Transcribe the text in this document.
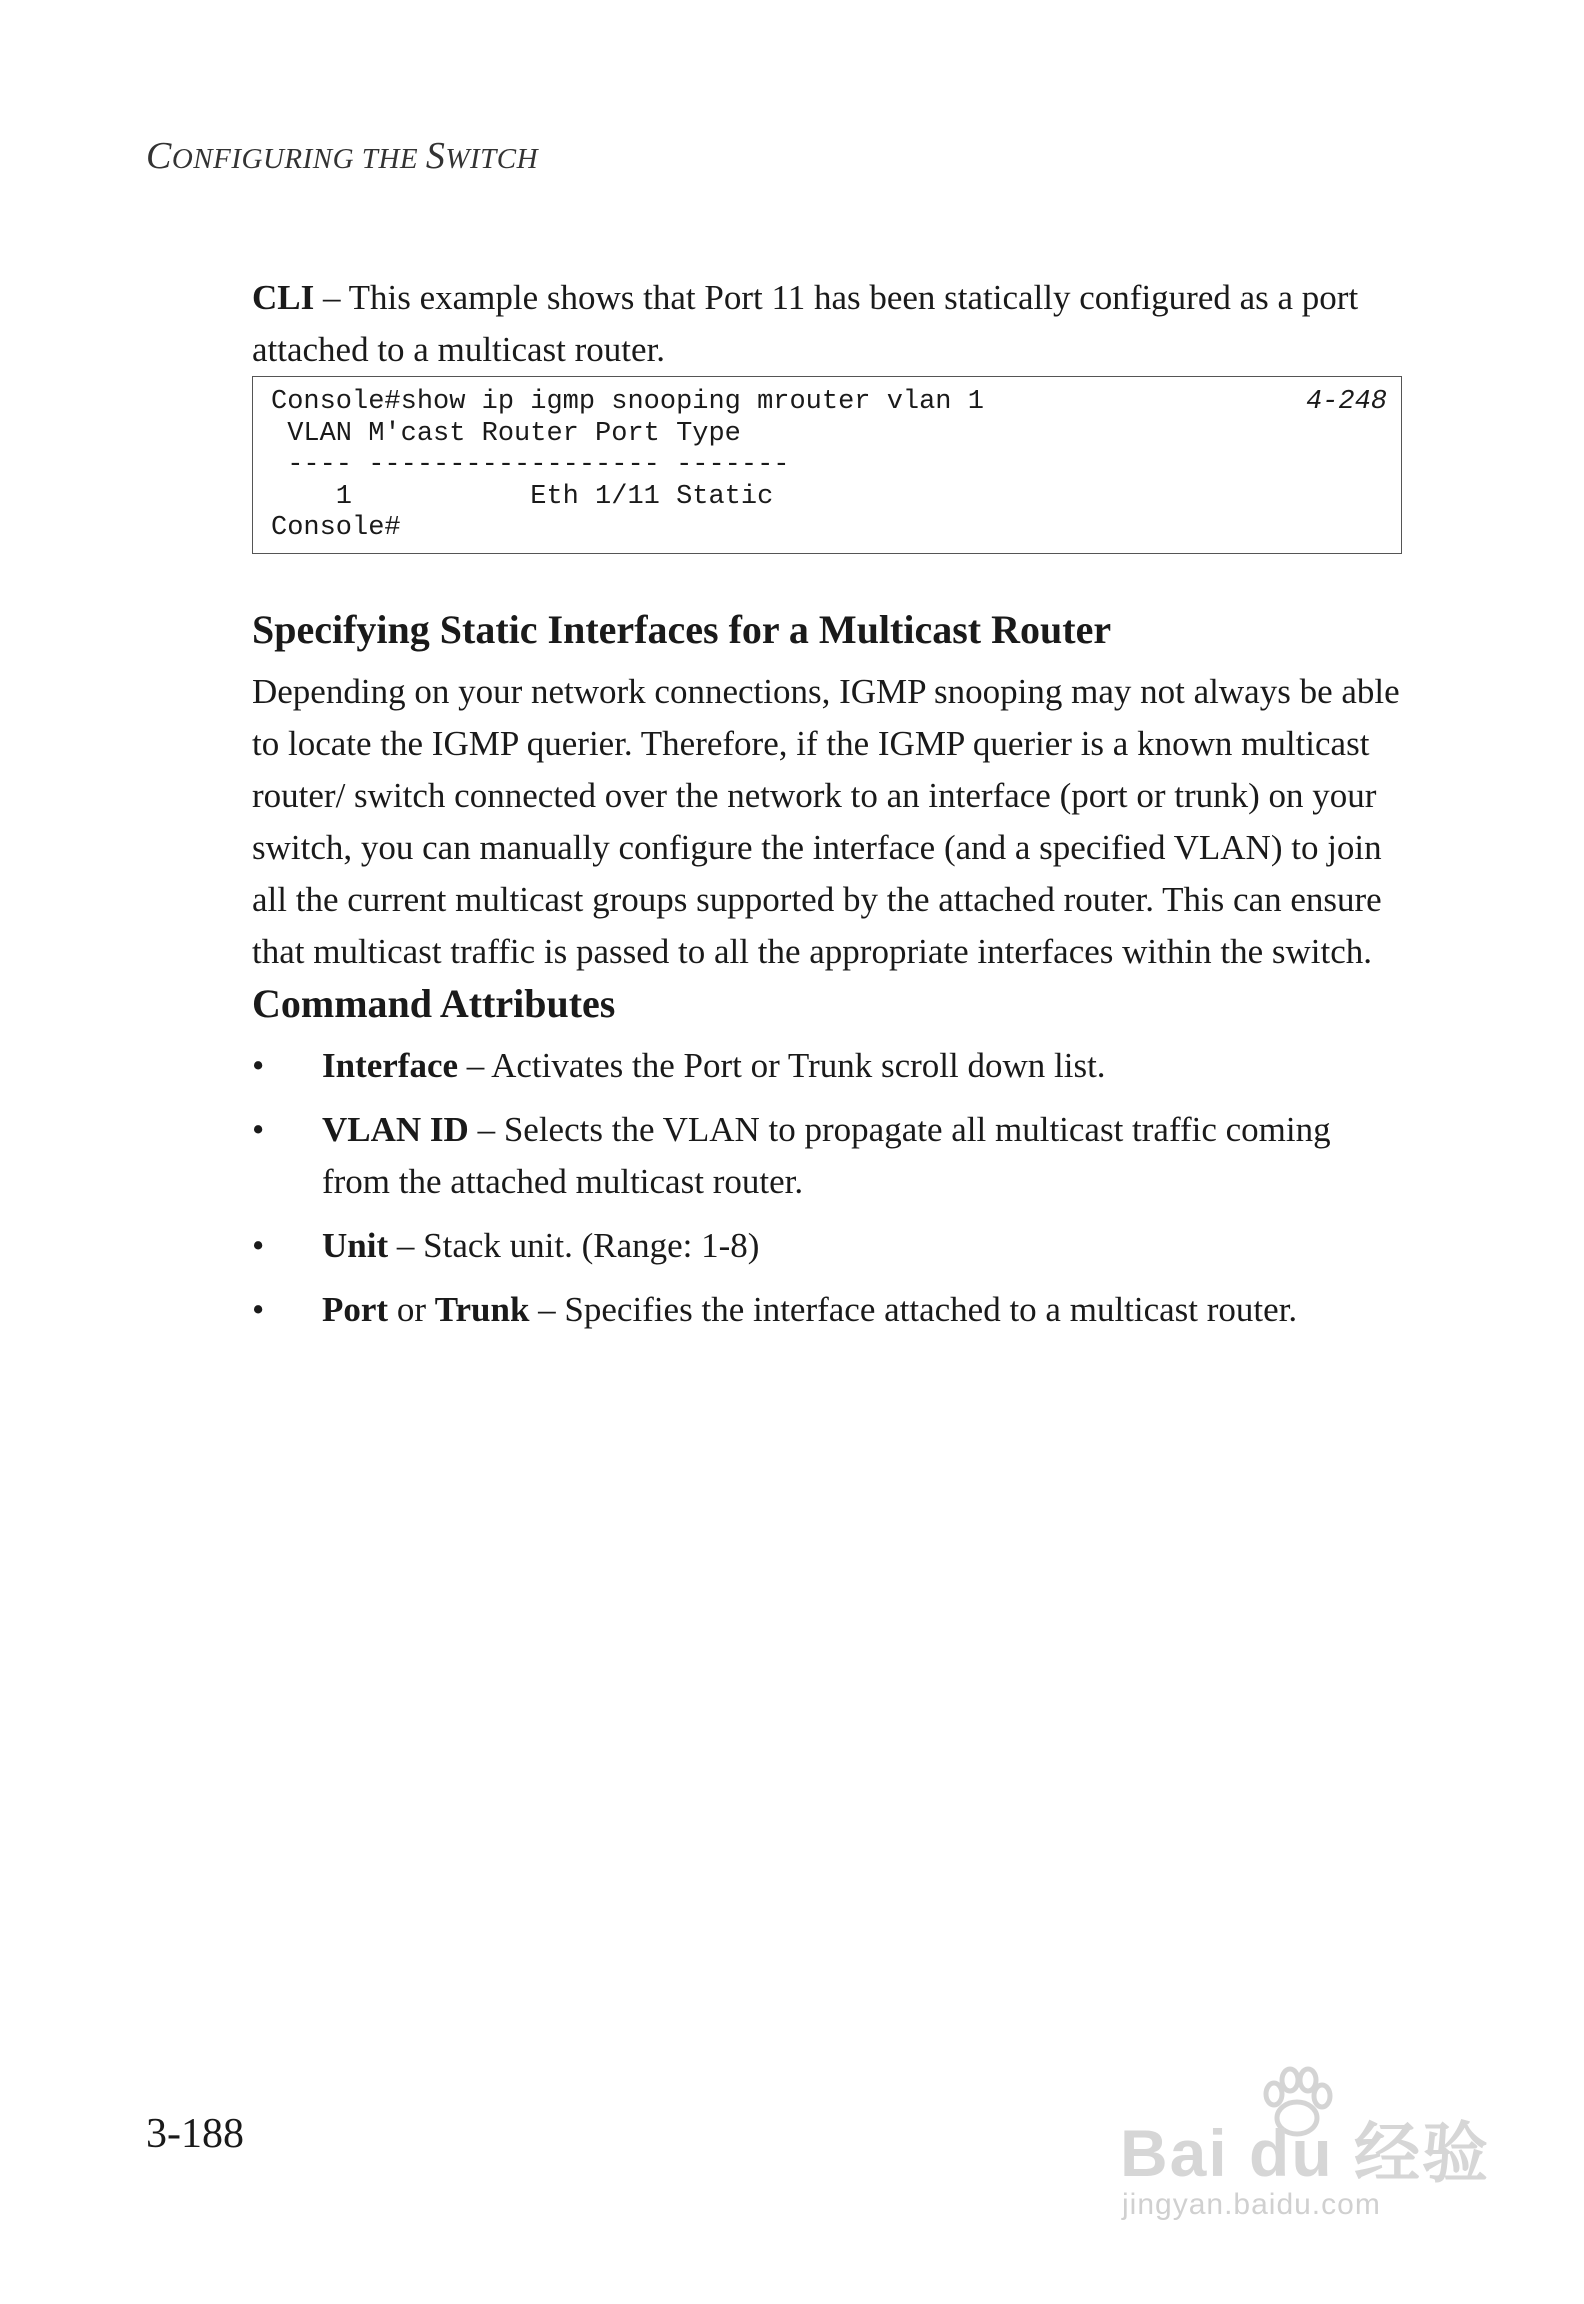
CONFIGURING THE SWITCH

CLI – This example shows that Port 11 has been statically configured as a port attached to a multicast router.

Console#show ip igmp snooping mrouter vlan 1
VLAN M'cast Router Port Type
---- ------------------ -------
1           Eth 1/11 Static
Console#
4-248
Specifying Static Interfaces for a Multicast Router

Depending on your network connections, IGMP snooping may not always be able to locate the IGMP querier. Therefore, if the IGMP querier is a known multicast router/ switch connected over the network to an interface (port or trunk) on your switch, you can manually configure the interface (and a specified VLAN) to join all the current multicast groups supported by the attached router. This can ensure that multicast traffic is passed to all the appropriate interfaces within the switch.

Command Attributes
• Interface – Activates the Port or Trunk scroll down list.
• VLAN ID – Selects the VLAN to propagate all multicast traffic coming from the attached multicast router.
• Unit – Stack unit. (Range: 1-8)
• Port or Trunk – Specifies the interface attached to a multicast router.
3-188	Bai du 经验
jingyan.baidu.com
